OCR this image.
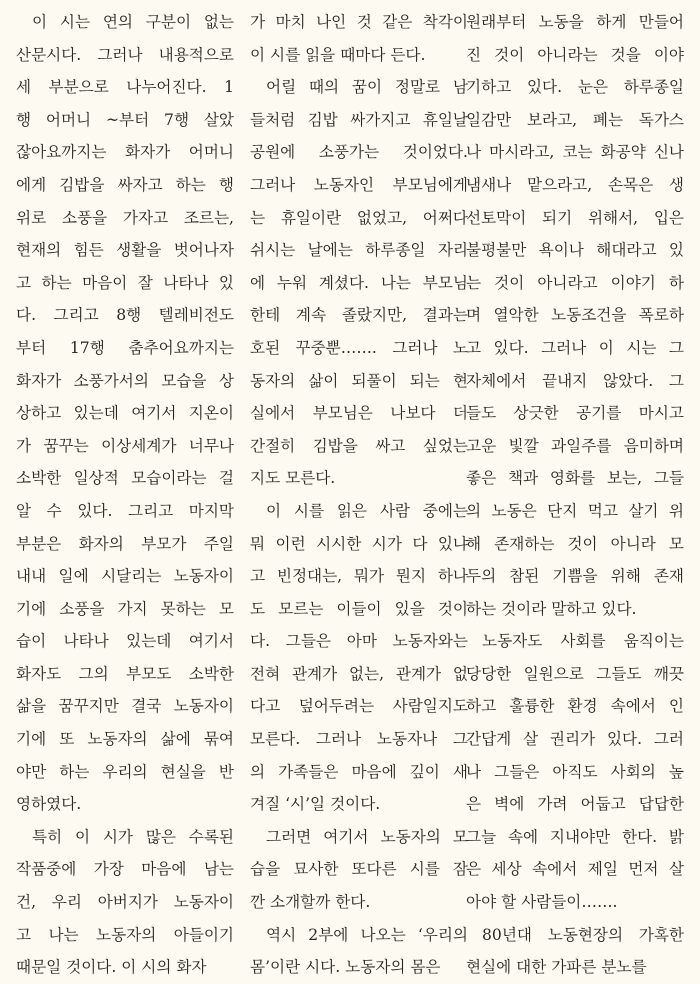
이 시는 연의 구분이 없는
산문시다. 그러나 내용적으로
세 부분으로 나누어진다. 1
행 어머니 ~부터 7행 살았
잖아요까지는 화자가 어머니
에게 김밥을 싸자고 하는 행
위로 소풍을 가자고 조르는,
현재의 힘든 생활을 벗어나자
고 하는 마음이 잘 나타나 있
다. 그리고 8행 텔레비전도
부터 17행 춤추어요까지는
화자가 소풍가서의 모습을 상
상하고 있는데 여기서 지온이
가 꿈꾸는 이상세계가 너무나
소박한 일상적 모습이라는 걸
알 수 있다. 그리고 마지막
부분은 화자의 부모가 주일
내내 일에 시달리는 노동자이
기에 소풍을 가지 못하는 모
습이 나타나 있는데 여기서
화자도 그의 부모도 소박한
삶을 꿈꾸지만 결국 노동자이
기에 또 노동자의 삶에 묶여
야만 하는 우리의 현실을 반
영하였다.
특히 이 시가 많은 수록된
작품중에 가장 마음에 남는
건, 우리 아버지가 노동자이
고 나는 노동자의 아들이기
때문일 것이다. 이 시의 화자
가 마치 나인 것 같은 착각이
이 시를 읽을 때마다 든다.
어릴 때의 꿈이 정말로 남
들처럼 김밥 싸가지고 휴일날
공원에 소풍가는 것이었다.
그러나 노동자인 부모님에게
는 휴일이란 없었고, 어쩌다
쉬시는 날에는 하루종일 자리
에 누워 계셨다. 나는 부모님
한테 계속 졸랐지만, 결과는
호된 꾸중뿐……. 그러나 노
동자의 삶이 되풀이 되는 현
실에서 부모님은 나보다 더
간절히 김밥을 싸고 싶었는
지도 모른다.
이 시를 읽은 사람 중에는
뭐 이런 시시한 시가 다 있냐
고 빈정대는, 뭐가 뭔지 하나
도 모르는 이들이 있을 것이
다. 그들은 아마 노동자와는
전혀 관계가 없는, 관계가 없
다고 덮어두려는 사람일지도
모른다. 그러나 노동자나 그
의 가족들은 마음에 깊이 새
겨질 ‘시’일 것이다.
그러면 여기서 노동자의 모
습을 묘사한 또다른 시를 잠
깐 소개할까 한다.
역시 2부에 나오는 ‘우리의
몸’이란 시다. 노동자의 몸은
원래부터 노동을 하게 만들어
진 것이 아니라는 것을 이야
기하고 있다. 눈은 하루종일
일감만 보라고, 폐는 독가스
나 마시라고, 코는 화공약 신나
냄새나 맡으라고, 손목은 생
선토막이 되기 위해서, 입은
불평불만 욕이나 해대라고 있
는 것이 아니라고 이야기 하
며 열악한 노동조건을 폭로하
고 있다. 그러나 이 시는 그
자체에서 끝내지 않았다. 그
들도 상긋한 공기를 마시고
고운 빛깔 과일주를 음미하며
좋은 책과 영화를 보는, 그들
의 노동은 단지 먹고 살기 위
해 존재하는 것이 아니라 모
두의 참된 기쁨을 위해 존재
하는 것이라 말하고 있다.
노동자도 사회를 움직이는
당당한 일원으로 그들도 깨끗
하고 훌륭한 환경 속에서 인
간답게 살 권리가 있다. 그러
나 그들은 아직도 사회의 높
은 벽에 가려 어둡고 답답한
그늘 속에 지내야만 한다. 밝
은 세상 속에서 제일 먼저 살
아야 할 사람들이…….
80년대 노동현장의 가혹한
현실에 대한 가파른 분노를
